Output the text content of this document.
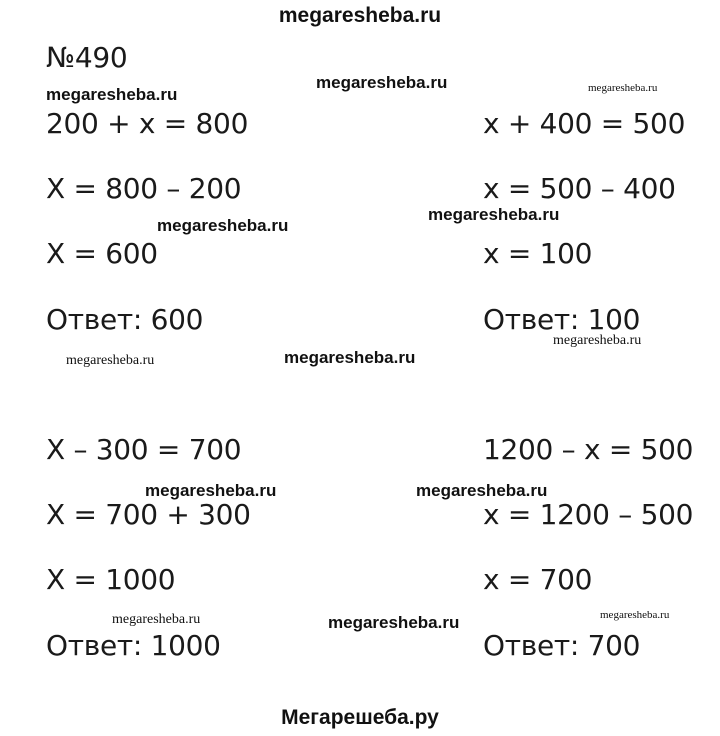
megaresheba.ru
№490
200 + x = 800
X = 800 – 200
X = 600
Ответ: 600
x + 400 = 500
x = 500 – 400
x = 100
Ответ: 100
X – 300 = 700
X = 700 + 300
X = 1000
Ответ: 1000
1200 – x = 500
x = 1200 – 500
x = 700
Ответ: 700
megaresheba.ru
megaresheba.ru	megaresheba.ru
megaresheba.ru
megaresheba.ru
megaresheba.ru	megaresheba.ru
megaresheba.ru
megaresheba.ru	megaresheba.ru
megaresheba.ru	megaresheba.ru	megaresheba.ru
Мегарешеба.ру
